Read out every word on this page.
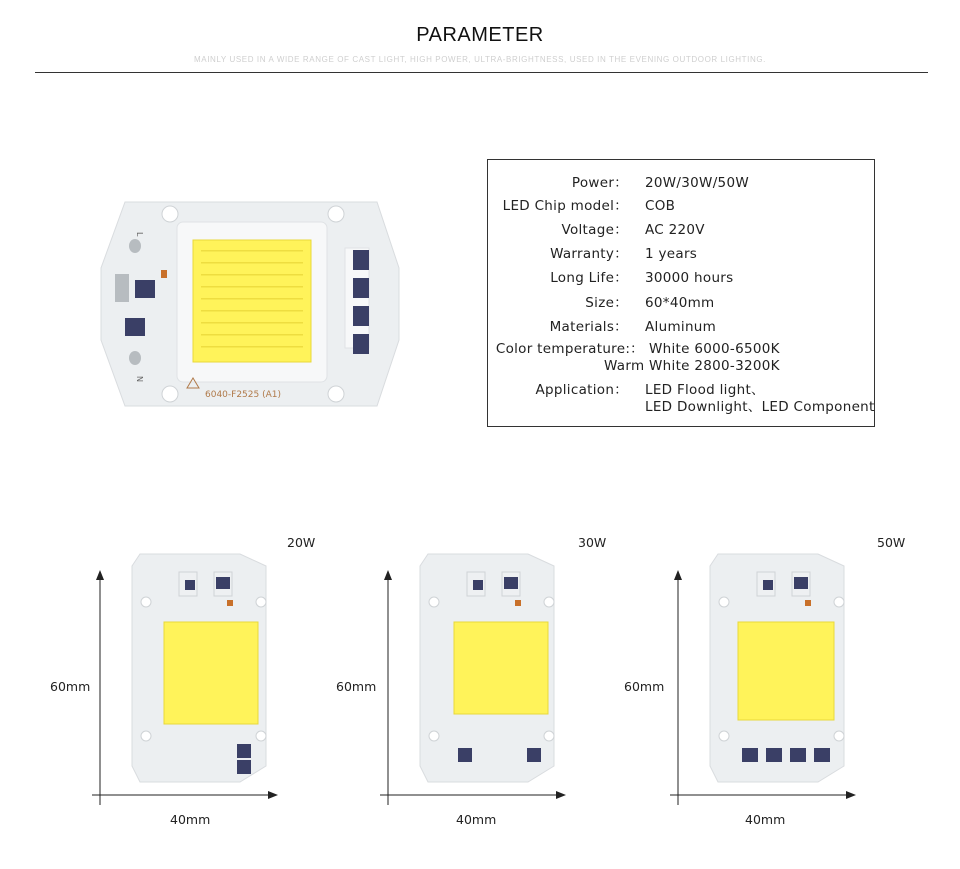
PARAMETER
MAINLY USED IN A WIDE RANGE OF CAST LIGHT, HIGH POWER, ULTRA-BRIGHTNESS, USED IN THE EVENING OUTDOOR LIGHTING.
L
N
6040-F2525 (A1)
Power： 20W/30W/50W
LED Chip model： COB
Voltage： AC 220V
Warranty： 1 years
Long Life： 30000 hours
Size： 60*40mm
Materials： Aluminum
Color temperature:： White 6000-6500K
Warm White 2800-3200K
Application： LED Flood light、
LED Downlight、LED Component
20W
60mm
40mm
30W
60mm
40mm
50W
60mm
40mm
